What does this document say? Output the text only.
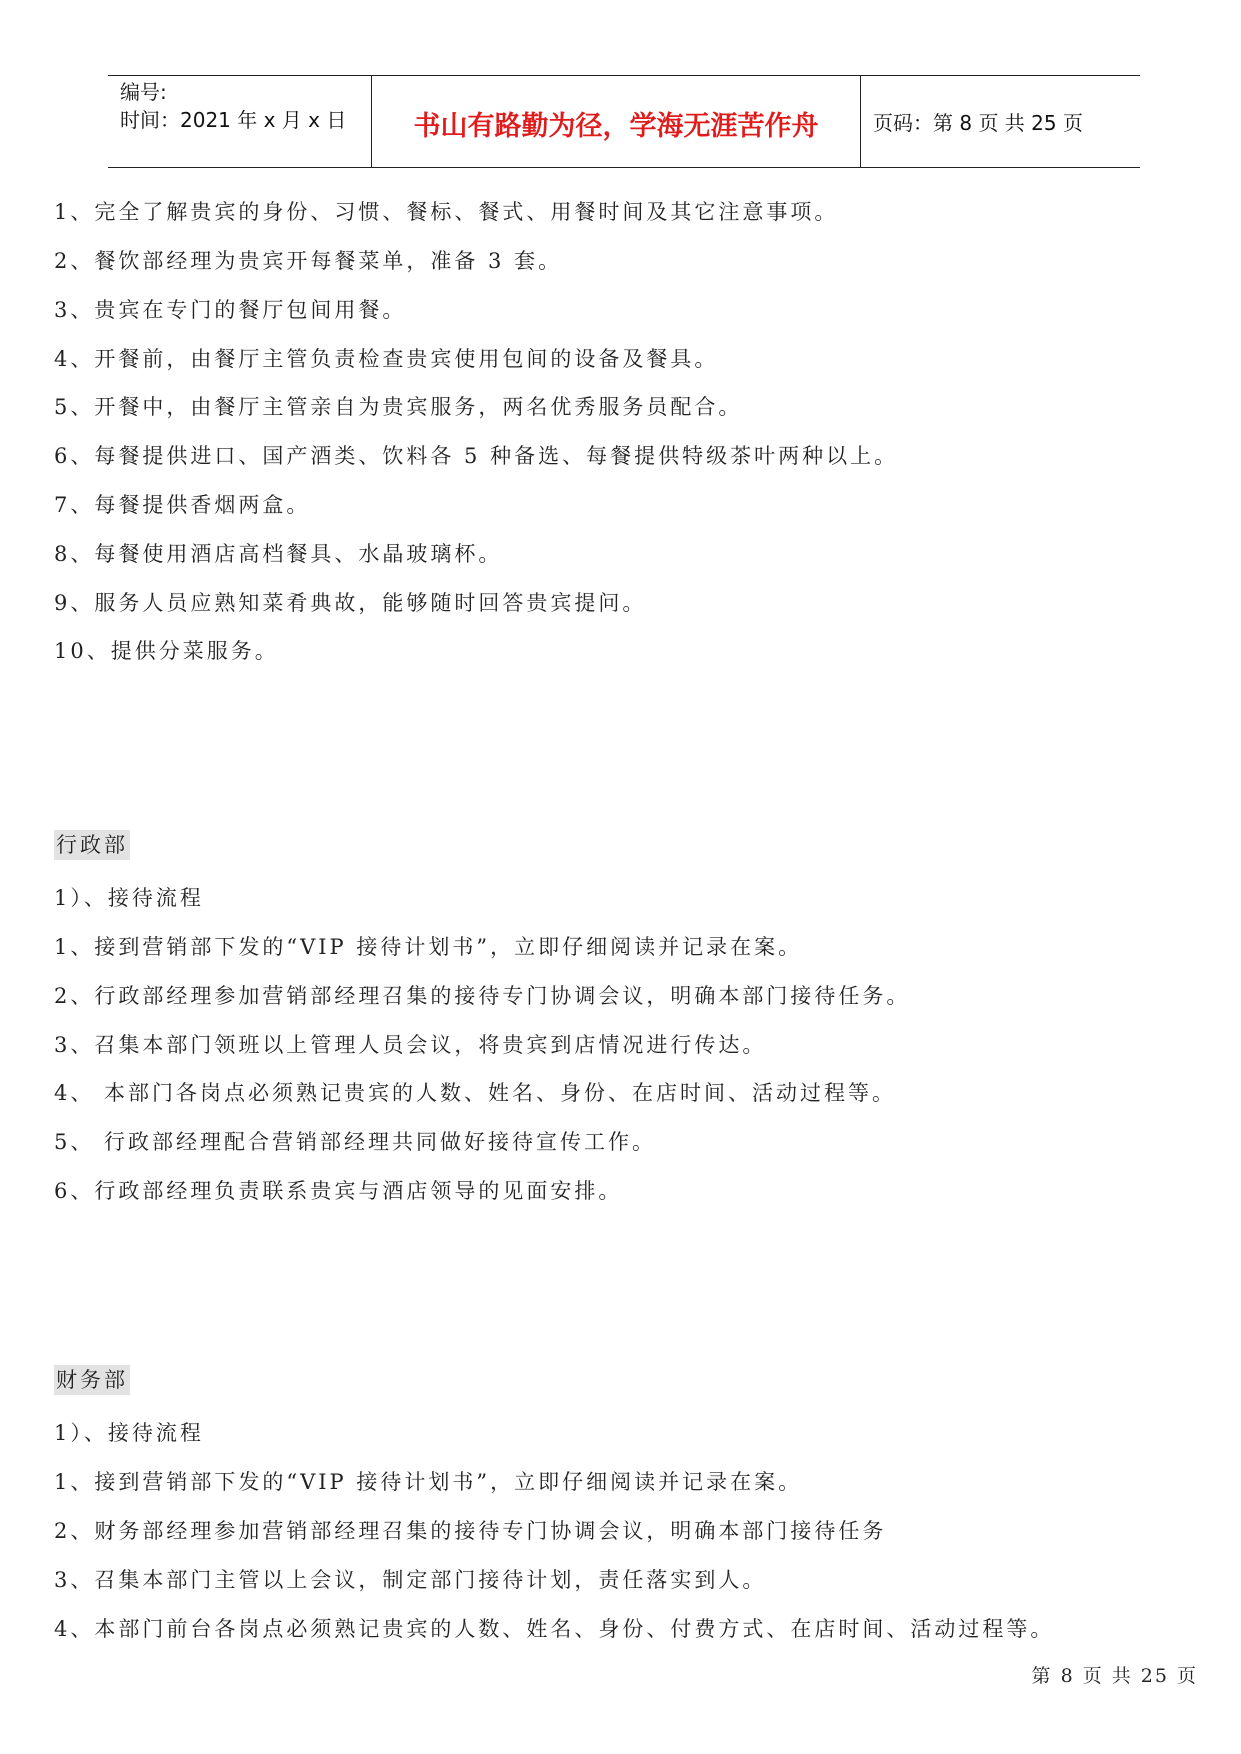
编号:
时间：2021 年 x 月 x 日	书山有路勤为径，学海无涯苦作舟	页码：第 8 页 共 25 页
1、完全了解贵宾的身份、习惯、餐标、餐式、用餐时间及其它注意事项。
2、餐饮部经理为贵宾开每餐菜单，准备 3 套。
3、贵宾在专门的餐厅包间用餐。
4、开餐前，由餐厅主管负责检查贵宾使用包间的设备及餐具。
5、开餐中，由餐厅主管亲自为贵宾服务，两名优秀服务员配合。
6、每餐提供进口、国产酒类、饮料各 5 种备选、每餐提供特级茶叶两种以上。
7、每餐提供香烟两盒。
8、每餐使用酒店高档餐具、水晶玻璃杯。
9、服务人员应熟知菜肴典故，能够随时回答贵宾提问。
10、提供分菜服务。
行政部
1）、接待流程
1、接到营销部下发的“VIP 接待计划书”，立即仔细阅读并记录在案。
2、行政部经理参加营销部经理召集的接待专门协调会议，明确本部门接待任务。
3、召集本部门领班以上管理人员会议，将贵宾到店情况进行传达。
4、 本部门各岗点必须熟记贵宾的人数、姓名、身份、在店时间、活动过程等。
5、 行政部经理配合营销部经理共同做好接待宣传工作。
6、行政部经理负责联系贵宾与酒店领导的见面安排。
财务部
1）、接待流程
1、接到营销部下发的“VIP 接待计划书”，立即仔细阅读并记录在案。
2、财务部经理参加营销部经理召集的接待专门协调会议，明确本部门接待任务
3、召集本部门主管以上会议，制定部门接待计划，责任落实到人。
4、本部门前台各岗点必须熟记贵宾的人数、姓名、身份、付费方式、在店时间、活动过程等。
第 8 页 共 25 页
